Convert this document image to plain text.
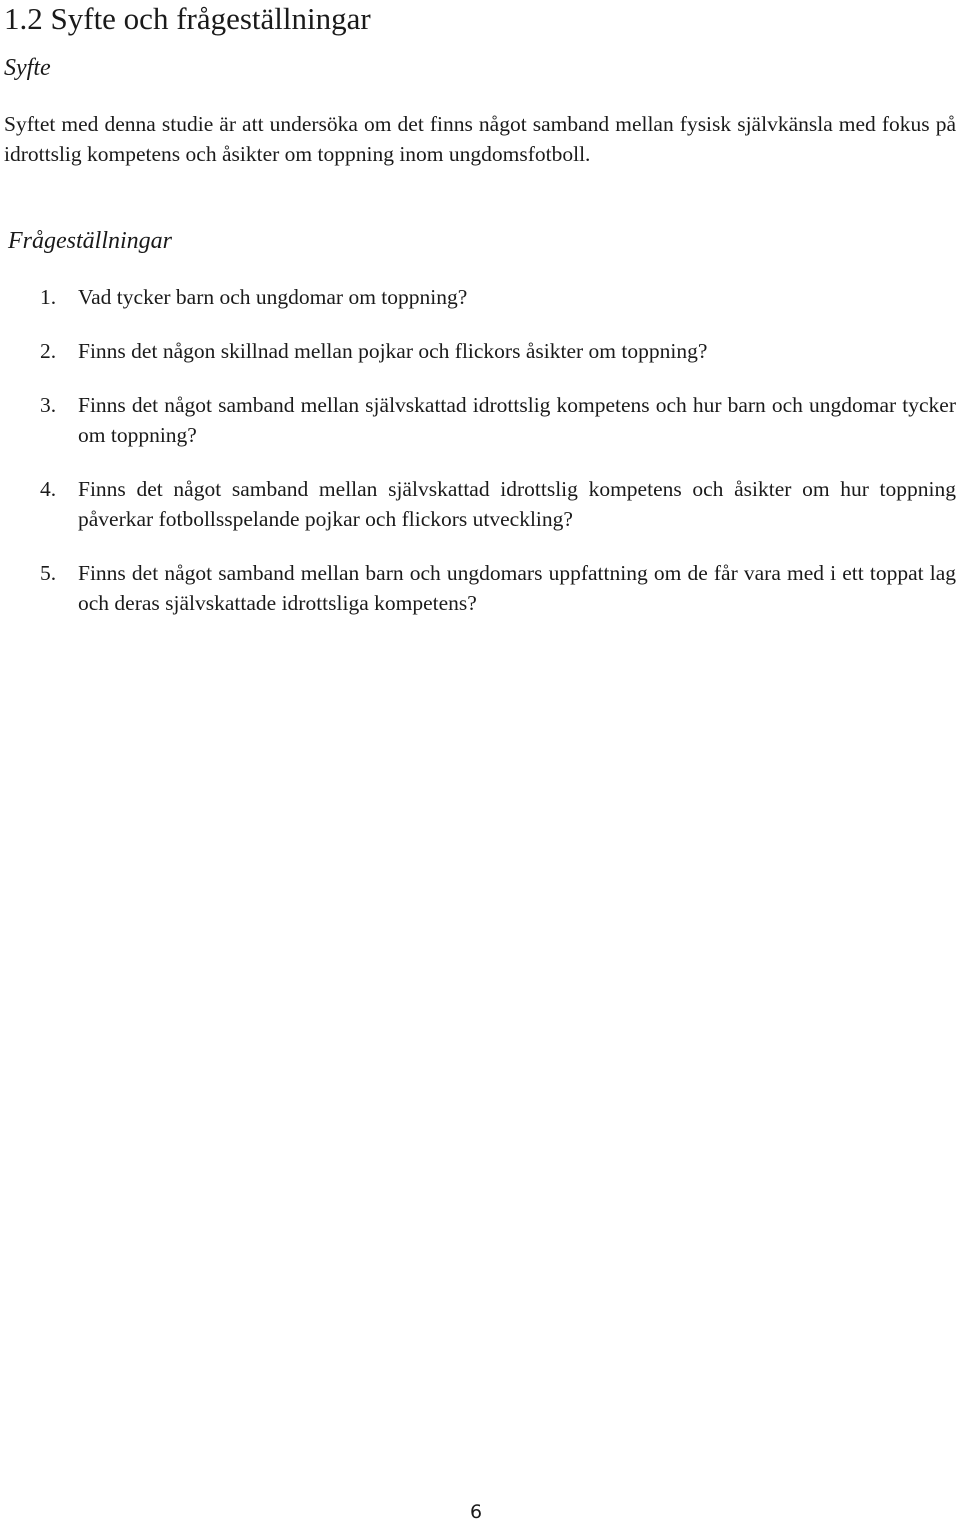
1.2 Syfte och frågeställningar
Syfte

Syftet med denna studie är att undersöka om det finns något samband mellan fysisk självkänsla med fokus på idrottslig kompetens och åsikter om toppning inom ungdomsfotboll.

Frågeställningar
1.	Vad tycker barn och ungdomar om toppning?
2.	Finns det någon skillnad mellan pojkar och flickors åsikter om toppning?
3.	Finns det något samband mellan självskattad idrottslig kompetens och hur barn och ungdomar tycker om toppning?
4.	Finns det något samband mellan självskattad idrottslig kompetens och åsikter om hur toppning påverkar fotbollsspelande pojkar och flickors utveckling?
5.	Finns det något samband mellan barn och ungdomars uppfattning om de får vara med i ett toppat lag och deras självskattade idrottsliga kompetens?
6
